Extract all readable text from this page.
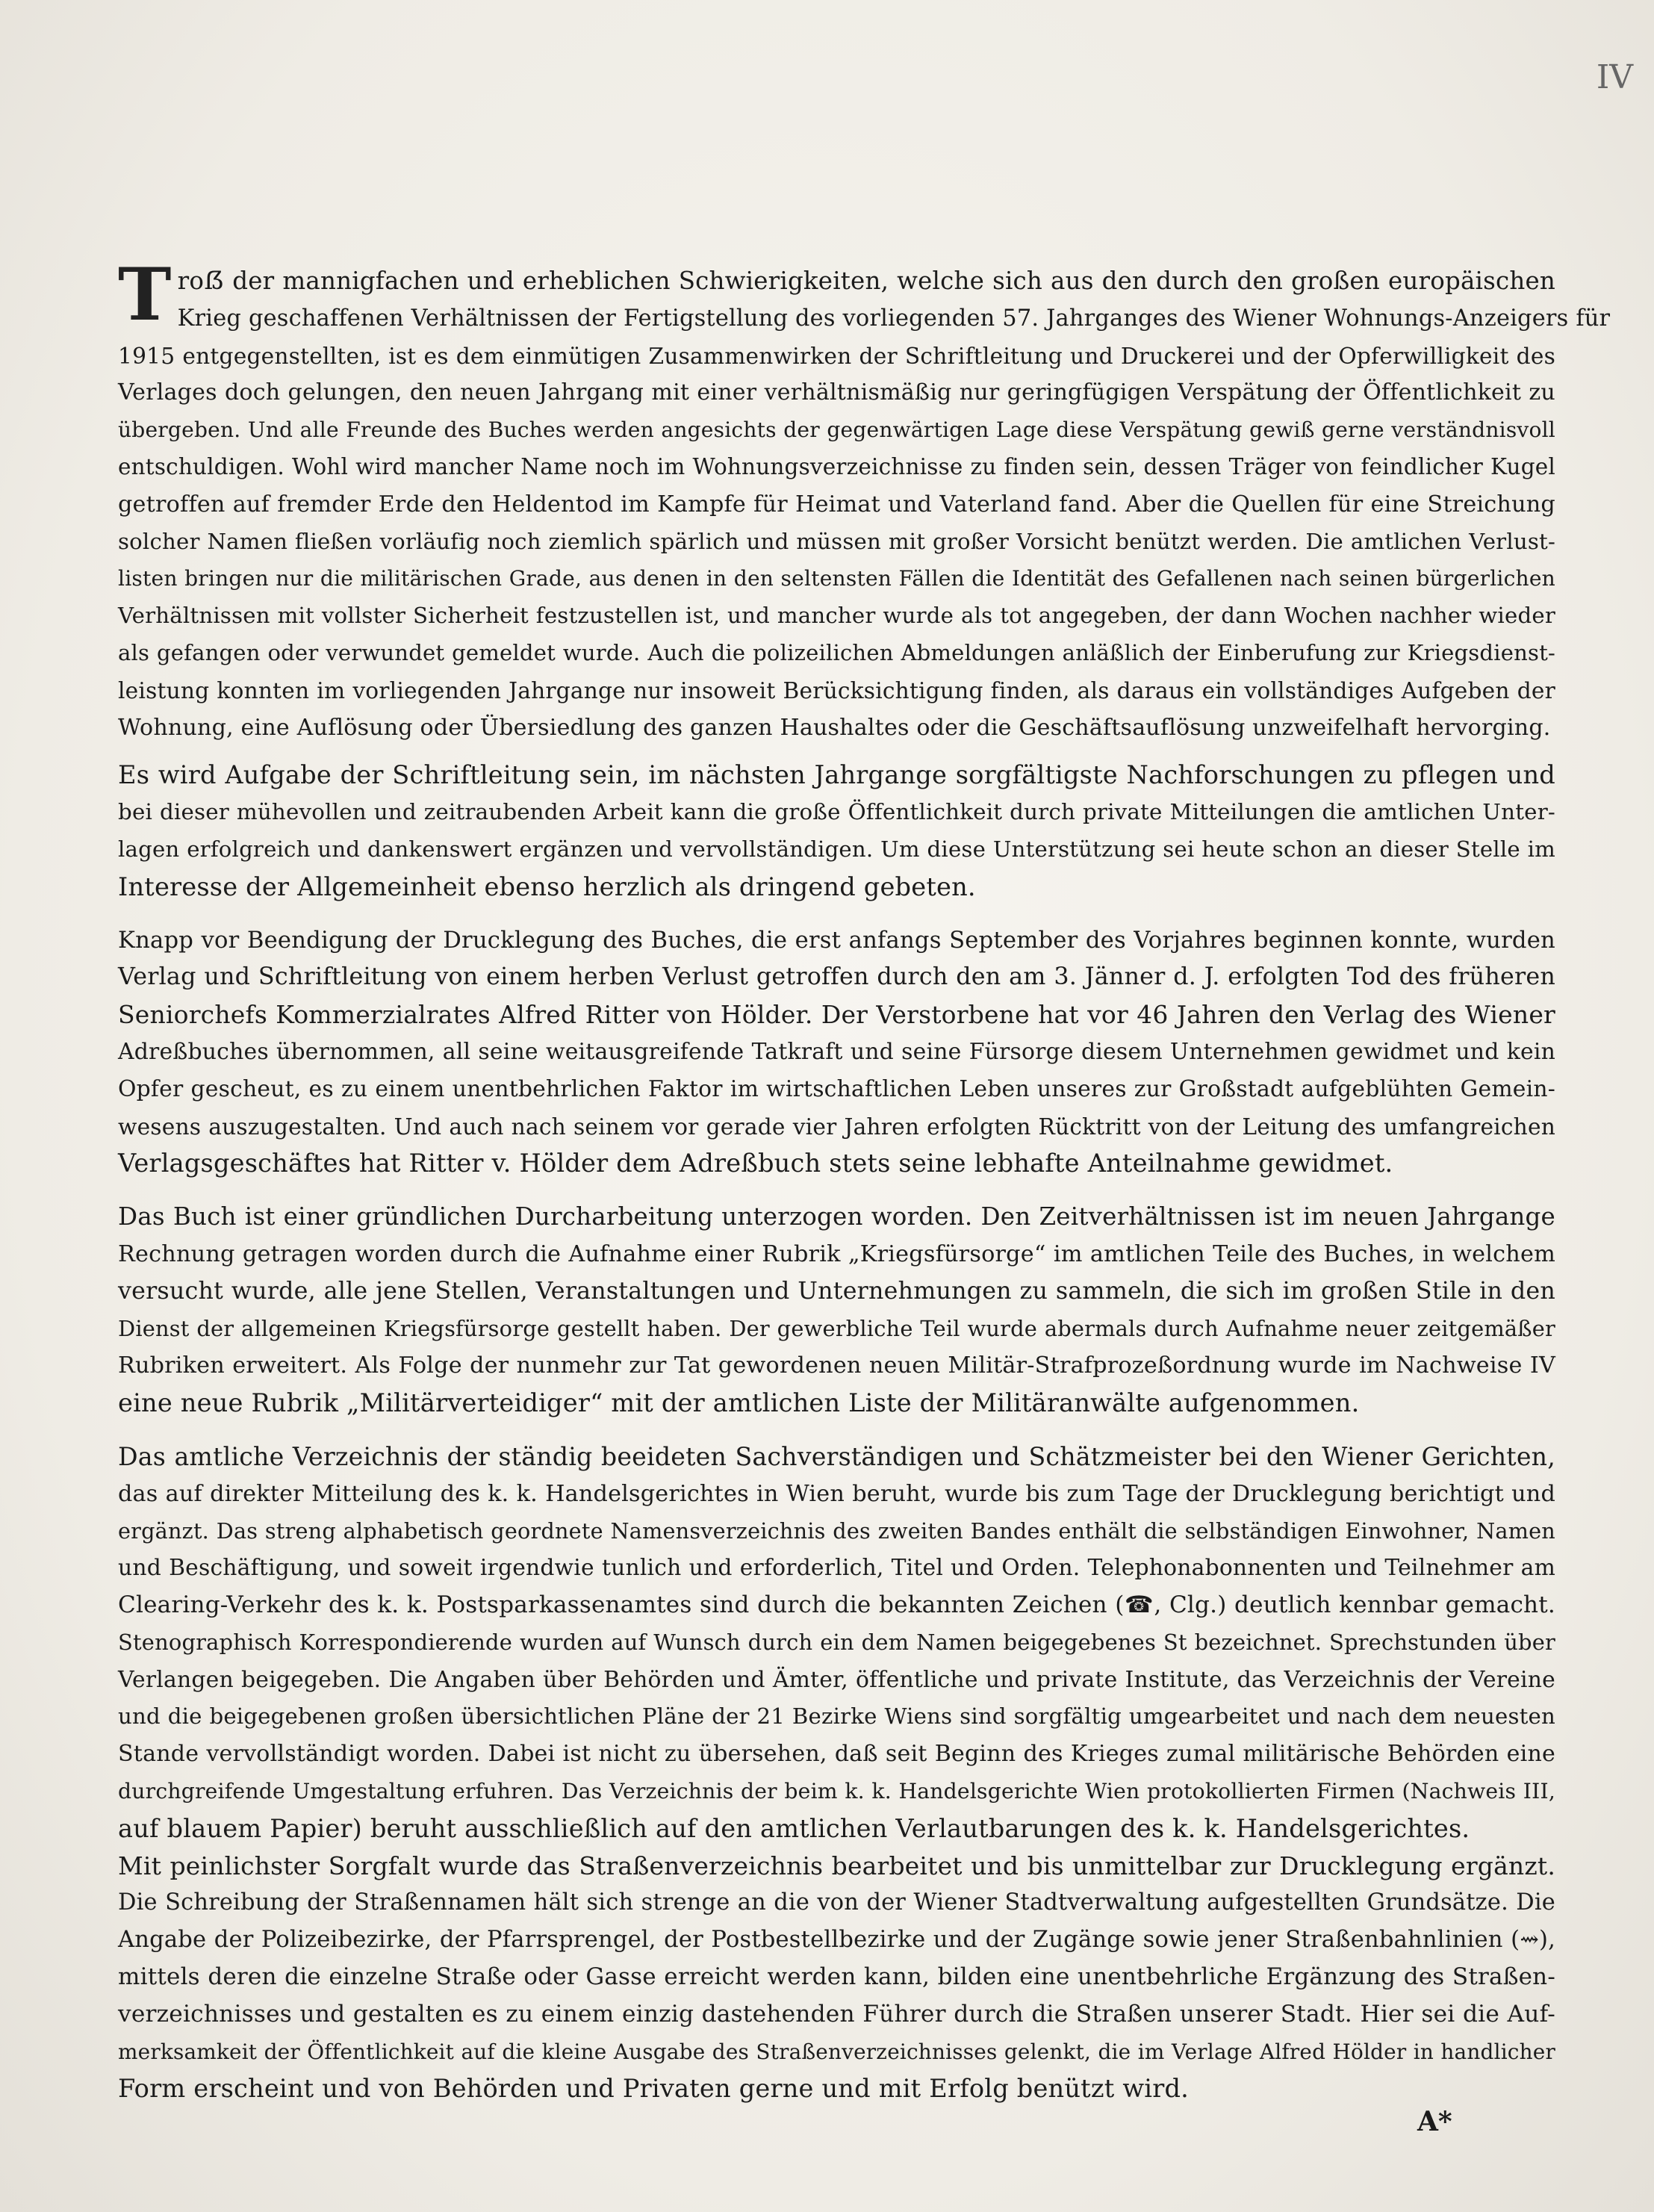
IV

T roẞ der mannigfachen und erheblichen Schwierigkeiten, welche sich aus den durch den großen europäischen
Krieg geschaffenen Verhältnissen der Fertigstellung des vorliegenden 57. Jahrganges des Wiener Wohnungs-Anzeigers für
1915 entgegenstellten, ist es dem einmütigen Zusammenwirken der Schriftleitung und Druckerei und der Opferwilligkeit des
Verlages doch gelungen, den neuen Jahrgang mit einer verhältnismäßig nur geringfügigen Verspätung der Öffentlichkeit zu
übergeben. Und alle Freunde des Buches werden angesichts der gegenwärtigen Lage diese Verspätung gewiß gerne verständnisvoll
entschuldigen. Wohl wird mancher Name noch im Wohnungsverzeichnisse zu finden sein, dessen Träger von feindlicher Kugel
getroffen auf fremder Erde den Heldentod im Kampfe für Heimat und Vaterland fand. Aber die Quellen für eine Streichung
solcher Namen fließen vorläufig noch ziemlich spärlich und müssen mit großer Vorsicht benützt werden. Die amtlichen Verlust-
listen bringen nur die militärischen Grade, aus denen in den seltensten Fällen die Identität des Gefallenen nach seinen bürgerlichen
Verhältnissen mit vollster Sicherheit festzustellen ist, und mancher wurde als tot angegeben, der dann Wochen nachher wieder
als gefangen oder verwundet gemeldet wurde. Auch die polizeilichen Abmeldungen anläßlich der Einberufung zur Kriegsdienst-
leistung konnten im vorliegenden Jahrgange nur insoweit Berücksichtigung finden, als daraus ein vollständiges Aufgeben der
Wohnung, eine Auflösung oder Übersiedlung des ganzen Haushaltes oder die Geschäftsauflösung unzweifelhaft hervorging.

Es wird Aufgabe der Schriftleitung sein, im nächsten Jahrgange sorgfältigste Nachforschungen zu pflegen und
bei dieser mühevollen und zeitraubenden Arbeit kann die große Öffentlichkeit durch private Mitteilungen die amtlichen Unter-
lagen erfolgreich und dankenswert ergänzen und vervollständigen. Um diese Unterstützung sei heute schon an dieser Stelle im
Interesse der Allgemeinheit ebenso herzlich als dringend gebeten.

Knapp vor Beendigung der Drucklegung des Buches, die erst anfangs September des Vorjahres beginnen konnte, wurden
Verlag und Schriftleitung von einem herben Verlust getroffen durch den am 3. Jänner d. J. erfolgten Tod des früheren
Seniorchefs Kommerzialrates Alfred Ritter von Hölder. Der Verstorbene hat vor 46 Jahren den Verlag des Wiener
Adreßbuches übernommen, all seine weitausgreifende Tatkraft und seine Fürsorge diesem Unternehmen gewidmet und kein
Opfer gescheut, es zu einem unentbehrlichen Faktor im wirtschaftlichen Leben unseres zur Großstadt aufgeblühten Gemein-
wesens auszugestalten. Und auch nach seinem vor gerade vier Jahren erfolgten Rücktritt von der Leitung des umfangreichen
Verlagsgeschäftes hat Ritter v. Hölder dem Adreßbuch stets seine lebhafte Anteilnahme gewidmet.

Das Buch ist einer gründlichen Durcharbeitung unterzogen worden. Den Zeitverhältnissen ist im neuen Jahrgange
Rechnung getragen worden durch die Aufnahme einer Rubrik „Kriegsfürsorge“ im amtlichen Teile des Buches, in welchem
versucht wurde, alle jene Stellen, Veranstaltungen und Unternehmungen zu sammeln, die sich im großen Stile in den
Dienst der allgemeinen Kriegsfürsorge gestellt haben. Der gewerbliche Teil wurde abermals durch Aufnahme neuer zeitgemäßer
Rubriken erweitert. Als Folge der nunmehr zur Tat gewordenen neuen Militär-Strafprozeßordnung wurde im Nachweise IV
eine neue Rubrik „Militärverteidiger“ mit der amtlichen Liste der Militäranwälte aufgenommen.

Das amtliche Verzeichnis der ständig beeideten Sachverständigen und Schätzmeister bei den Wiener Gerichten,
das auf direkter Mitteilung des k. k. Handelsgerichtes in Wien beruht, wurde bis zum Tage der Drucklegung berichtigt und
ergänzt. Das streng alphabetisch geordnete Namensverzeichnis des zweiten Bandes enthält die selbständigen Einwohner, Namen
und Beschäftigung, und soweit irgendwie tunlich und erforderlich, Titel und Orden. Telephonabonnenten und Teilnehmer am
Clearing-Verkehr des k. k. Postsparkassenamtes sind durch die bekannten Zeichen (☎, Clg.) deutlich kennbar gemacht.
Stenographisch Korrespondierende wurden auf Wunsch durch ein dem Namen beigegebenes St bezeichnet. Sprechstunden über
Verlangen beigegeben. Die Angaben über Behörden und Ämter, öffentliche und private Institute, das Verzeichnis der Vereine
und die beigegebenen großen übersichtlichen Pläne der 21 Bezirke Wiens sind sorgfältig umgearbeitet und nach dem neuesten
Stande vervollständigt worden. Dabei ist nicht zu übersehen, daß seit Beginn des Krieges zumal militärische Behörden eine
durchgreifende Umgestaltung erfuhren. Das Verzeichnis der beim k. k. Handelsgerichte Wien protokollierten Firmen (Nachweis III,
auf blauem Papier) beruht ausschließlich auf den amtlichen Verlautbarungen des k. k. Handelsgerichtes.

Mit peinlichster Sorgfalt wurde das Straßenverzeichnis bearbeitet und bis unmittelbar zur Drucklegung ergänzt.
Die Schreibung der Straßennamen hält sich strenge an die von der Wiener Stadtverwaltung aufgestellten Grundsätze. Die
Angabe der Polizeibezirke, der Pfarrsprengel, der Postbestellbezirke und der Zugänge sowie jener Straßenbahnlinien (⇝),
mittels deren die einzelne Straße oder Gasse erreicht werden kann, bilden eine unentbehrliche Ergänzung des Straßen-
verzeichnisses und gestalten es zu einem einzig dastehenden Führer durch die Straßen unserer Stadt. Hier sei die Auf-
merksamkeit der Öffentlichkeit auf die kleine Ausgabe des Straßenverzeichnisses gelenkt, die im Verlage Alfred Hölder in handlicher
Form erscheint und von Behörden und Privaten gerne und mit Erfolg benützt wird.

A*
